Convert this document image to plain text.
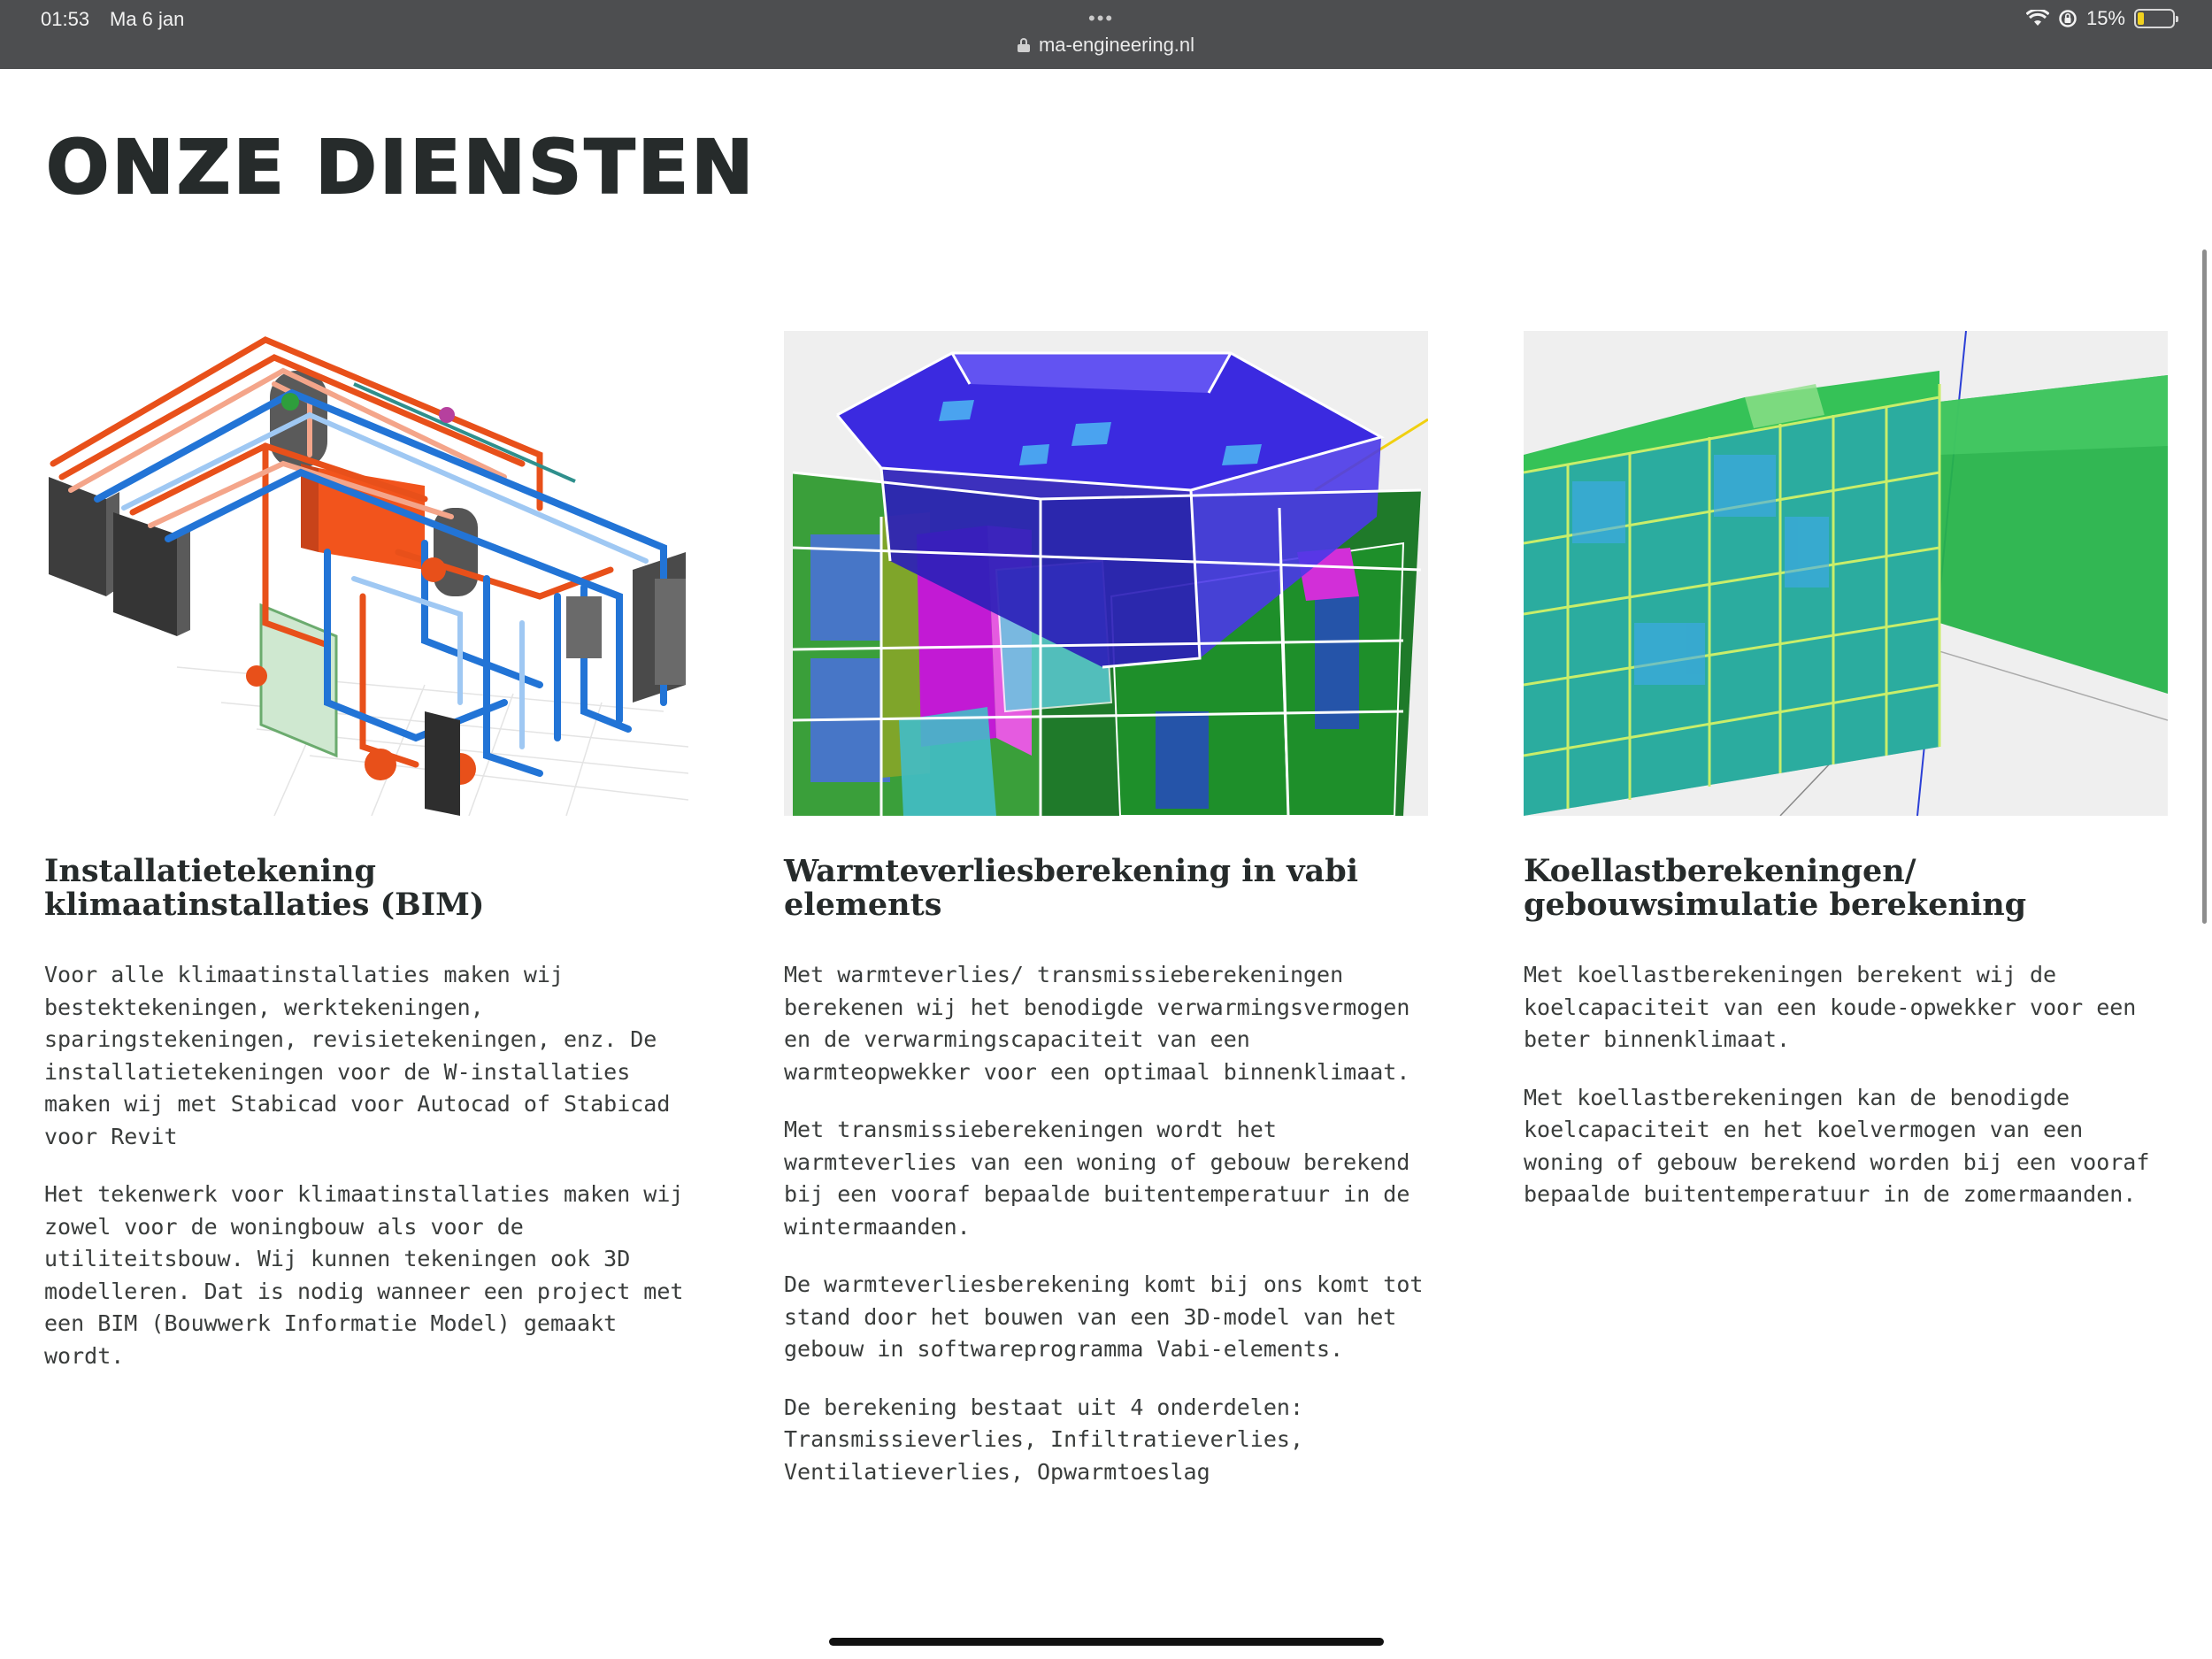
01:53 Ma 6 jan	•••
ma-engineering.nl
15%
ONZE DIENSTEN
Installatietekening klimaatinstallaties (BIM)

Voor alle klimaatinstallaties maken wij bestektekeningen, werktekeningen, sparingstekeningen, revisietekeningen, enz. De installatietekeningen voor de W-installaties maken wij met Stabicad voor Autocad of Stabicad voor Revit

Het tekenwerk voor klimaatinstallaties maken wij zowel voor de woningbouw als voor de utiliteitsbouw. Wij kunnen tekeningen ook 3D modelleren. Dat is nodig wanneer een project met een BIM (Bouwwerk Informatie Model) gemaakt wordt.

Warmteverliesberekening in vabi elements

Met warmteverlies/ transmissieberekeningen berekenen wij het benodigde verwarmingsvermogen en de verwarmingscapaciteit van een warmteopwekker voor een optimaal binnenklimaat.

Met transmissieberekeningen wordt het warmteverlies van een woning of gebouw berekend bij een vooraf bepaalde buitentemperatuur in de wintermaanden.

De warmteverliesberekening komt bij ons komt tot stand door het bouwen van een 3D-model van het gebouw in softwareprogramma Vabi-elements.

De berekening bestaat uit 4 onderdelen: Transmissieverlies, Infiltratieverlies, Ventilatieverlies, Opwarmtoeslag

Koellastberekeningen/ gebouwsimulatie berekening

Met koellastberekeningen berekent wij de koelcapaciteit van een koude-opwekker voor een beter binnenklimaat.

Met koellastberekeningen kan de benodigde koelcapaciteit en het koelvermogen van een woning of gebouw berekend worden bij een vooraf bepaalde buitentemperatuur in de zomermaanden.
